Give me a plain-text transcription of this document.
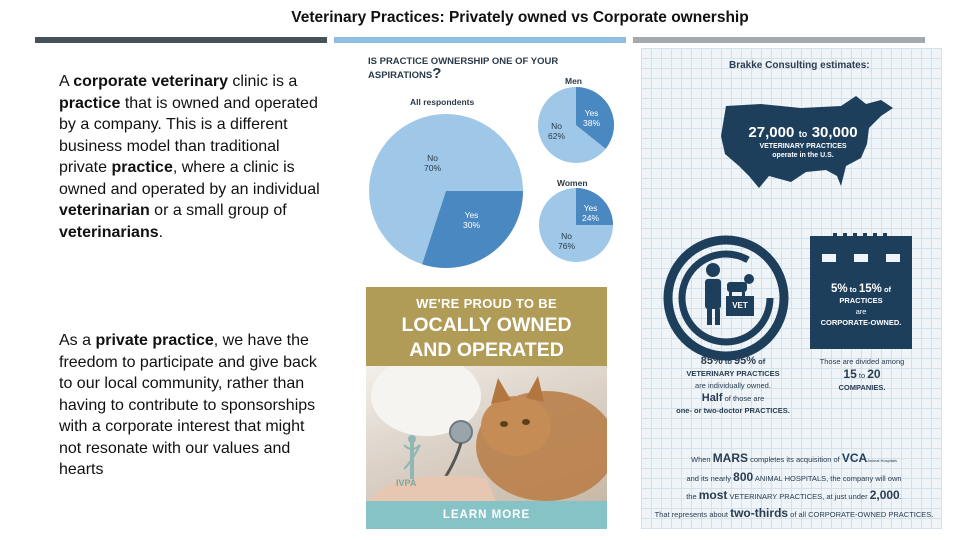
Veterinary Practices: Privately owned vs Corporate ownership
A corporate veterinary clinic is a practice that is owned and operated by a company. This is a different business model than traditional private practice, where a clinic is owned and operated by an individual veterinarian or a small group of veterinarians.
As a private practice, we have the freedom to participate and give back to our local community, rather than having to contribute to sponsorships with a corporate interest that might not resonate with our values and hearts
IS PRACTICE OWNERSHIP ONE OF YOUR ASPIRATIONS?
All respondents
Men
Women
No
70%
Yes
30%
No
62%
Yes
38%
No
76%
Yes
24%
WE'RE PROUD TO BE
LOCALLY OWNED
AND OPERATED
IVPA
LEARN MORE
Brakke Consulting estimates:
27,000 to 30,000
VETERINARY PRACTICES
operate in the U.S.
VET
5% to 15% of
PRACTICES
are
CORPORATE-OWNED.
85% to 95% of
VETERINARY PRACTICES
are individually owned.
Half of those are
one- or two-doctor PRACTICES.
Those are divided among
15 to 20
COMPANIES.
When MARS completes its acquisition of VCAAnimal Hospitals
and its nearly 800 ANIMAL HOSPITALS, the company will own
the most VETERINARY PRACTICES, at just under 2,000.
That represents about two-thirds of all CORPORATE-OWNED PRACTICES.
